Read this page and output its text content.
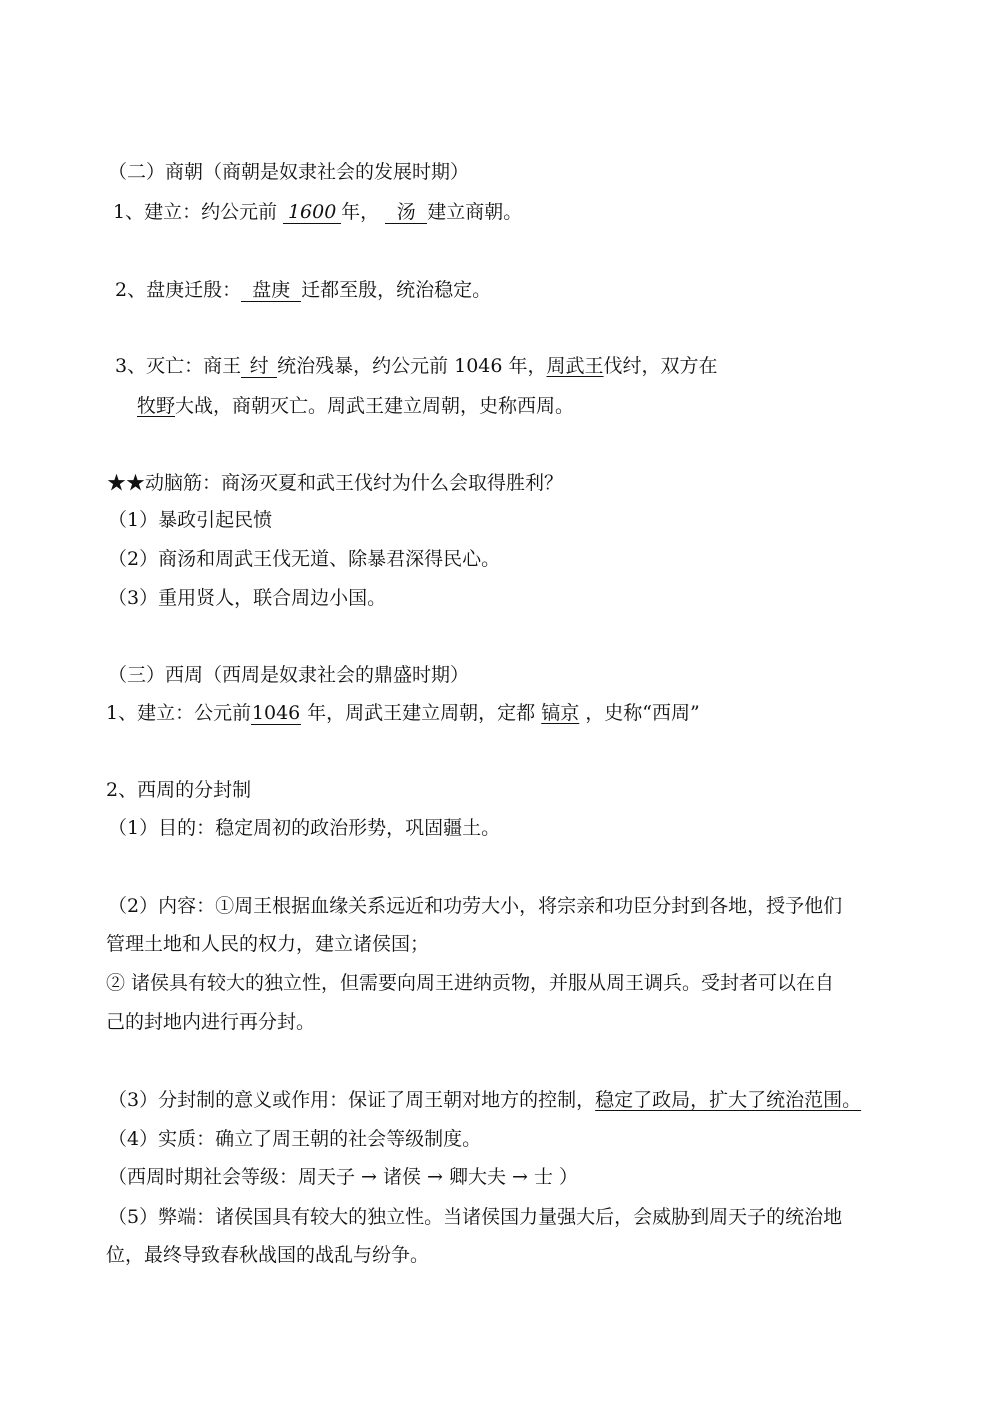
（二）商朝（商朝是奴隶社会的发展时期）
1、建立：约公元前 1600 年， 汤 建立商朝。
2、盘庚迁殷： 盘庚 迁都至殷，统治稳定。
3、灭亡：商王 纣 统治残暴，约公元前 1046 年，周武王伐纣，双方在
牧野大战，商朝灭亡。周武王建立周朝，史称西周。
★★动脑筋：商汤灭夏和武王伐纣为什么会取得胜利？
（1）暴政引起民愤
（2）商汤和周武王伐无道、除暴君深得民心。
（3）重用贤人，联合周边小国。
（三）西周（西周是奴隶社会的鼎盛时期）
1、建立：公元前1046 年，周武王建立周朝，定都 镐京 ，史称“西周”
2、西周的分封制
（1）目的：稳定周初的政治形势，巩固疆土。
（2）内容：①周王根据血缘关系远近和功劳大小，将宗亲和功臣分封到各地，授予他们
管理土地和人民的权力，建立诸侯国；
② 诸侯具有较大的独立性，但需要向周王进纳贡物，并服从周王调兵。受封者可以在自
己的封地内进行再分封。
（3）分封制的意义或作用：保证了周王朝对地方的控制，稳定了政局，扩大了统治范围。
（4）实质：确立了周王朝的社会等级制度。
（西周时期社会等级：周天子 → 诸侯 → 卿大夫 → 士 ）
（5）弊端：诸侯国具有较大的独立性。当诸侯国力量强大后，会威胁到周天子的统治地
位，最终导致春秋战国的战乱与纷争。
